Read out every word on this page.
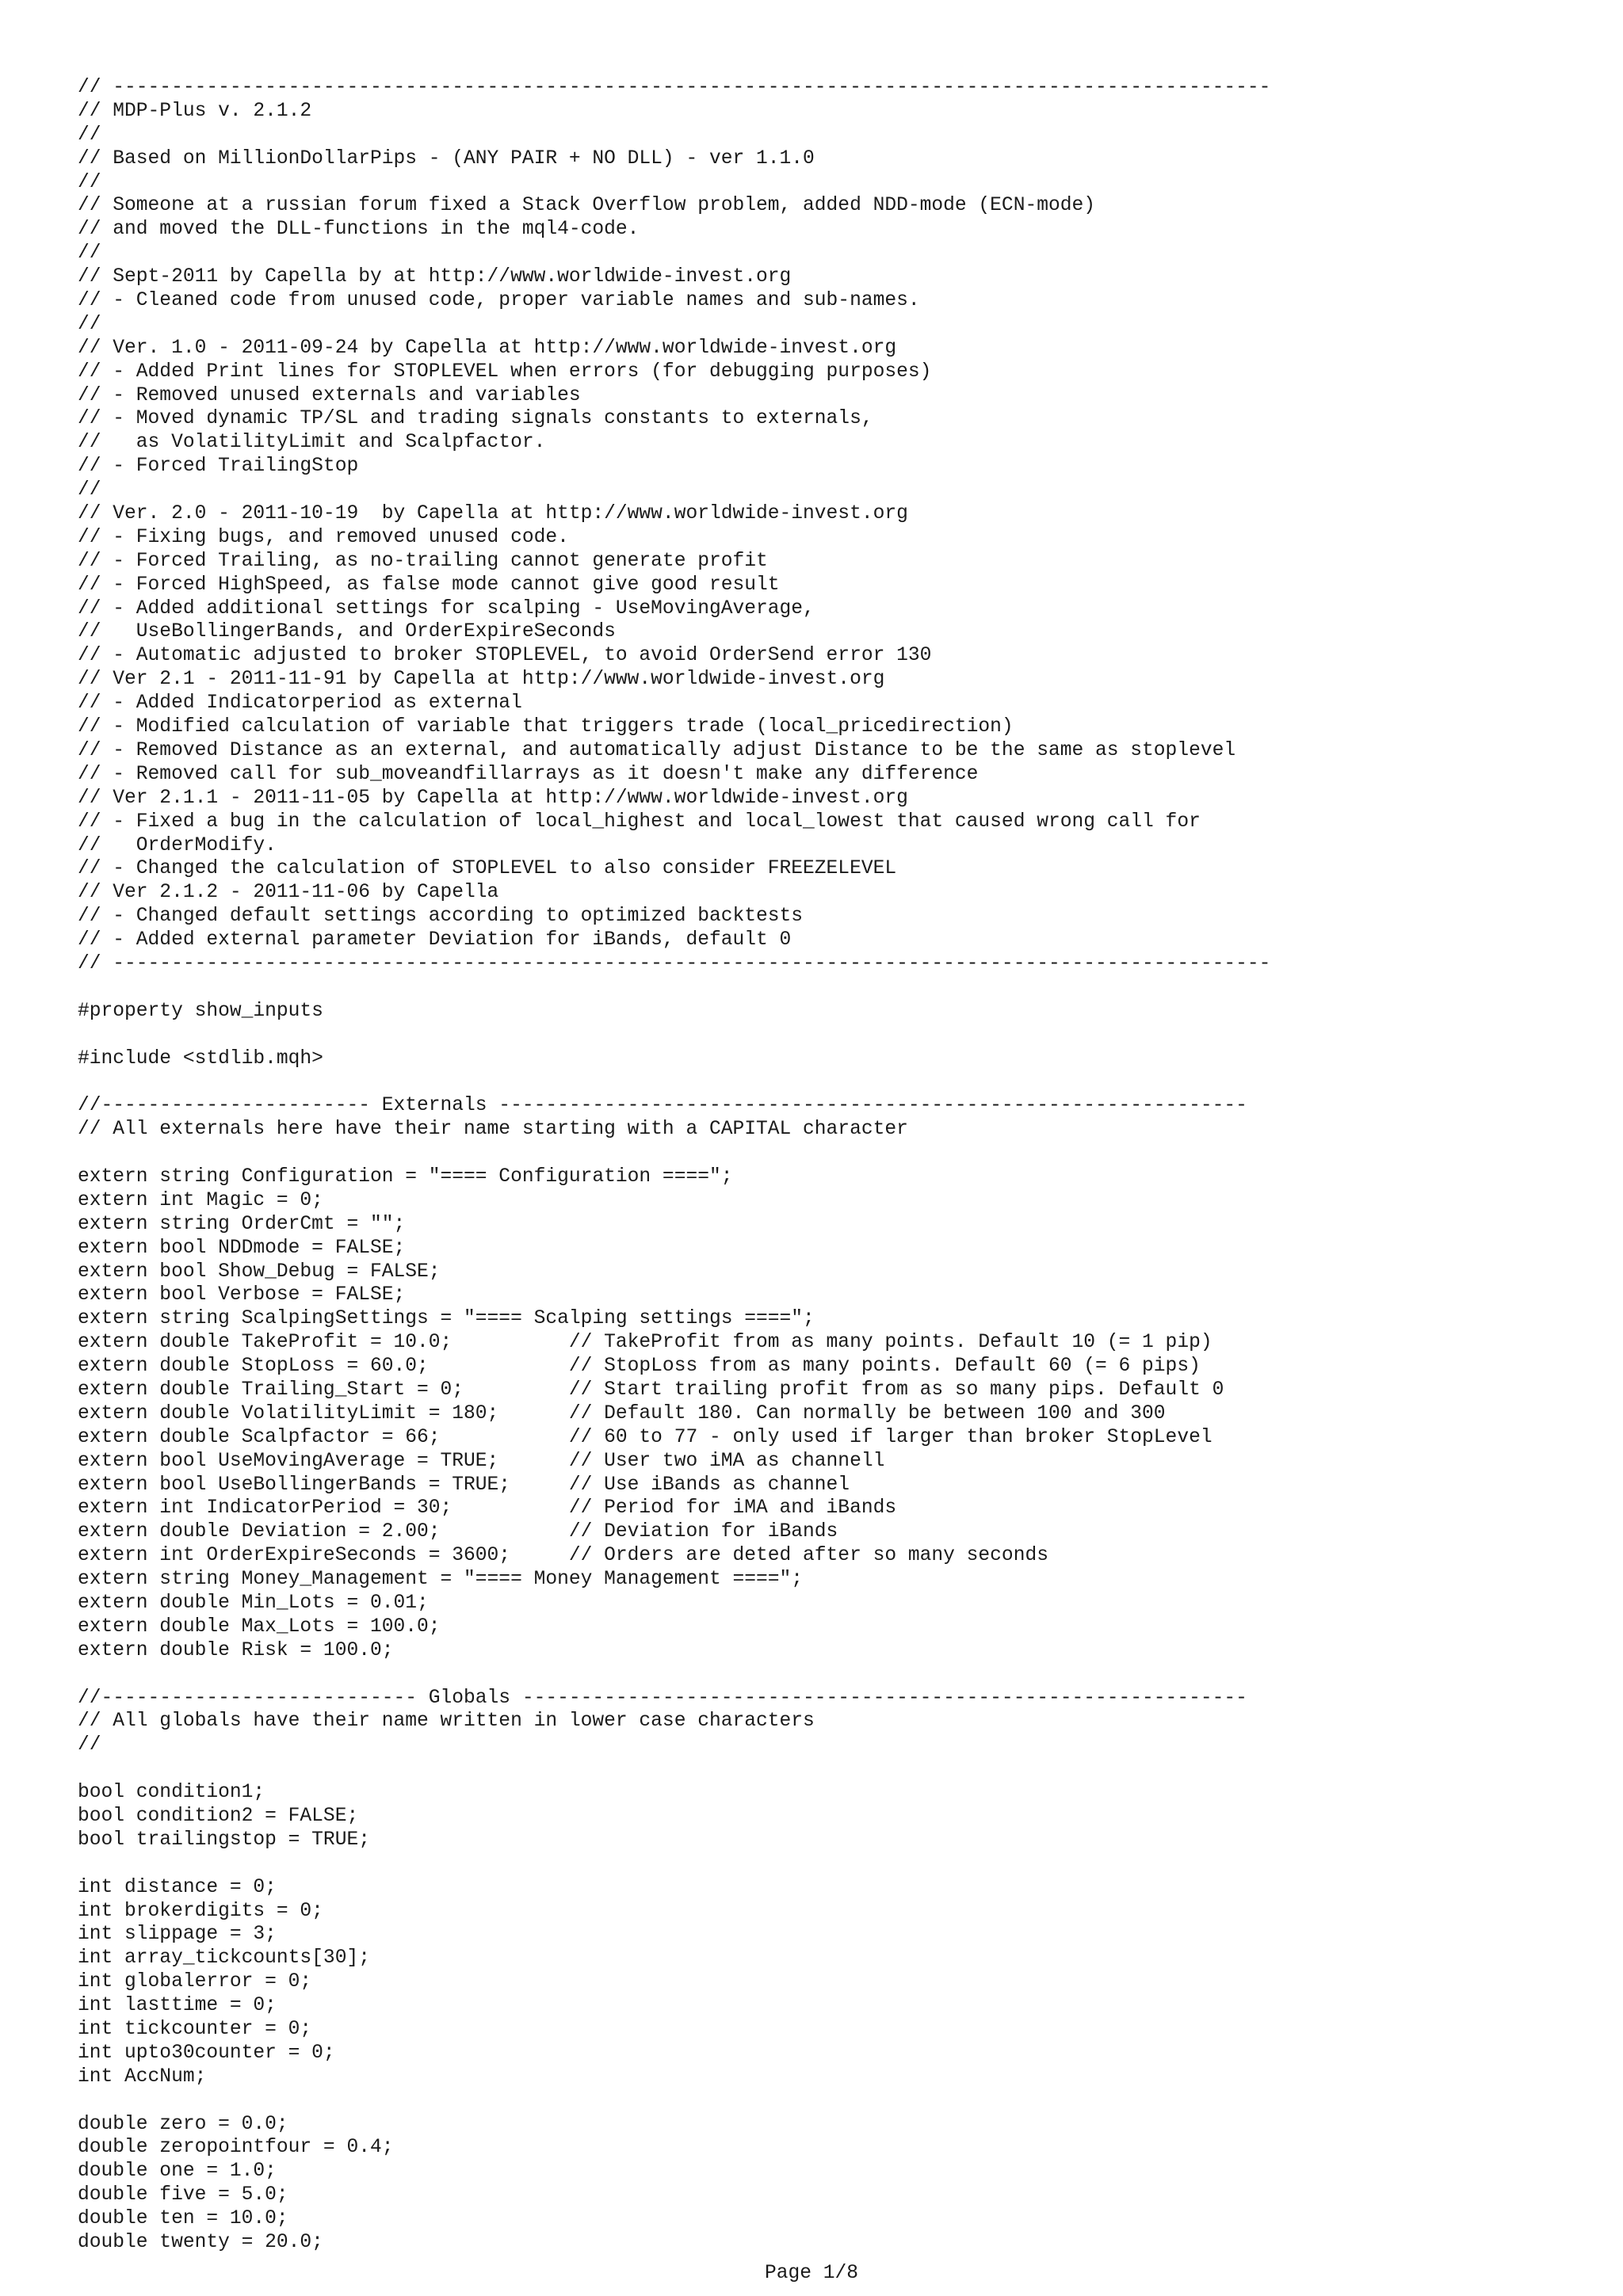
// ---------------------------------------------------------------------------------------------------
// MDP-Plus v. 2.1.2
//
// Based on MillionDollarPips - (ANY PAIR + NO DLL) - ver 1.1.0
//
// Someone at a russian forum fixed a Stack Overflow problem, added NDD-mode (ECN-mode)
// and moved the DLL-functions in the mql4-code.
//
// Sept-2011 by Capella by at http://www.worldwide-invest.org
// - Cleaned code from unused code, proper variable names and sub-names.
//
// Ver. 1.0 - 2011-09-24 by Capella at http://www.worldwide-invest.org
// - Added Print lines for STOPLEVEL when errors (for debugging purposes)
// - Removed unused externals and variables
// - Moved dynamic TP/SL and trading signals constants to externals,
//   as VolatilityLimit and Scalpfactor.
// - Forced TrailingStop
//
// Ver. 2.0 - 2011-10-19  by Capella at http://www.worldwide-invest.org
// - Fixing bugs, and removed unused code.
// - Forced Trailing, as no-trailing cannot generate profit
// - Forced HighSpeed, as false mode cannot give good result
// - Added additional settings for scalping - UseMovingAverage,
//   UseBollingerBands, and OrderExpireSeconds
// - Automatic adjusted to broker STOPLEVEL, to avoid OrderSend error 130
// Ver 2.1 - 2011-11-91 by Capella at http://www.worldwide-invest.org
// - Added Indicatorperiod as external
// - Modified calculation of variable that triggers trade (local_pricedirection)
// - Removed Distance as an external, and automatically adjust Distance to be the same as stoplevel
// - Removed call for sub_moveandfillarrays as it doesn't make any difference
// Ver 2.1.1 - 2011-11-05 by Capella at http://www.worldwide-invest.org
// - Fixed a bug in the calculation of local_highest and local_lowest that caused wrong call for
//   OrderModify.
// - Changed the calculation of STOPLEVEL to also consider FREEZELEVEL
// Ver 2.1.2 - 2011-11-06 by Capella
// - Changed default settings according to optimized backtests
// - Added external parameter Deviation for iBands, default 0
// ---------------------------------------------------------------------------------------------------
#property show_inputs
#include <stdlib.mqh>
//----------------------- Externals ----------------------------------------------------------------
// All externals here have their name starting with a CAPITAL character
extern string Configuration = "==== Configuration ====";
extern int Magic = 0;
extern string OrderCmt = "";
extern bool NDDmode = FALSE;
extern bool Show_Debug = FALSE;
extern bool Verbose = FALSE;
extern string ScalpingSettings = "==== Scalping settings ====";
extern double TakeProfit = 10.0;          // TakeProfit from as many points. Default 10 (= 1 pip)
extern double StopLoss = 60.0;            // StopLoss from as many points. Default 60 (= 6 pips)
extern double Trailing_Start = 0;         // Start trailing profit from as so many pips. Default 0
extern double VolatilityLimit = 180;      // Default 180. Can normally be between 100 and 300
extern double Scalpfactor = 66;           // 60 to 77 - only used if larger than broker StopLevel
extern bool UseMovingAverage = TRUE;      // User two iMA as channell
extern bool UseBollingerBands = TRUE;     // Use iBands as channel
extern int IndicatorPeriod = 30;          // Period for iMA and iBands
extern double Deviation = 2.00;           // Deviation for iBands
extern int OrderExpireSeconds = 3600;     // Orders are deted after so many seconds
extern string Money_Management = "==== Money Management ====";
extern double Min_Lots = 0.01;
extern double Max_Lots = 100.0;
extern double Risk = 100.0;
//--------------------------- Globals --------------------------------------------------------------
// All globals have their name written in lower case characters
//
bool condition1;
bool condition2 = FALSE;
bool trailingstop = TRUE;
int distance = 0;
int brokerdigits = 0;
int slippage = 3;
int array_tickcounts[30];
int globalerror = 0;
int lasttime = 0;
int tickcounter = 0;
int upto30counter = 0;
int AccNum;
double zero = 0.0;
double zeropointfour = 0.4;
double one = 1.0;
double five = 5.0;
double ten = 10.0;
double twenty = 20.0;
Page 1/8
